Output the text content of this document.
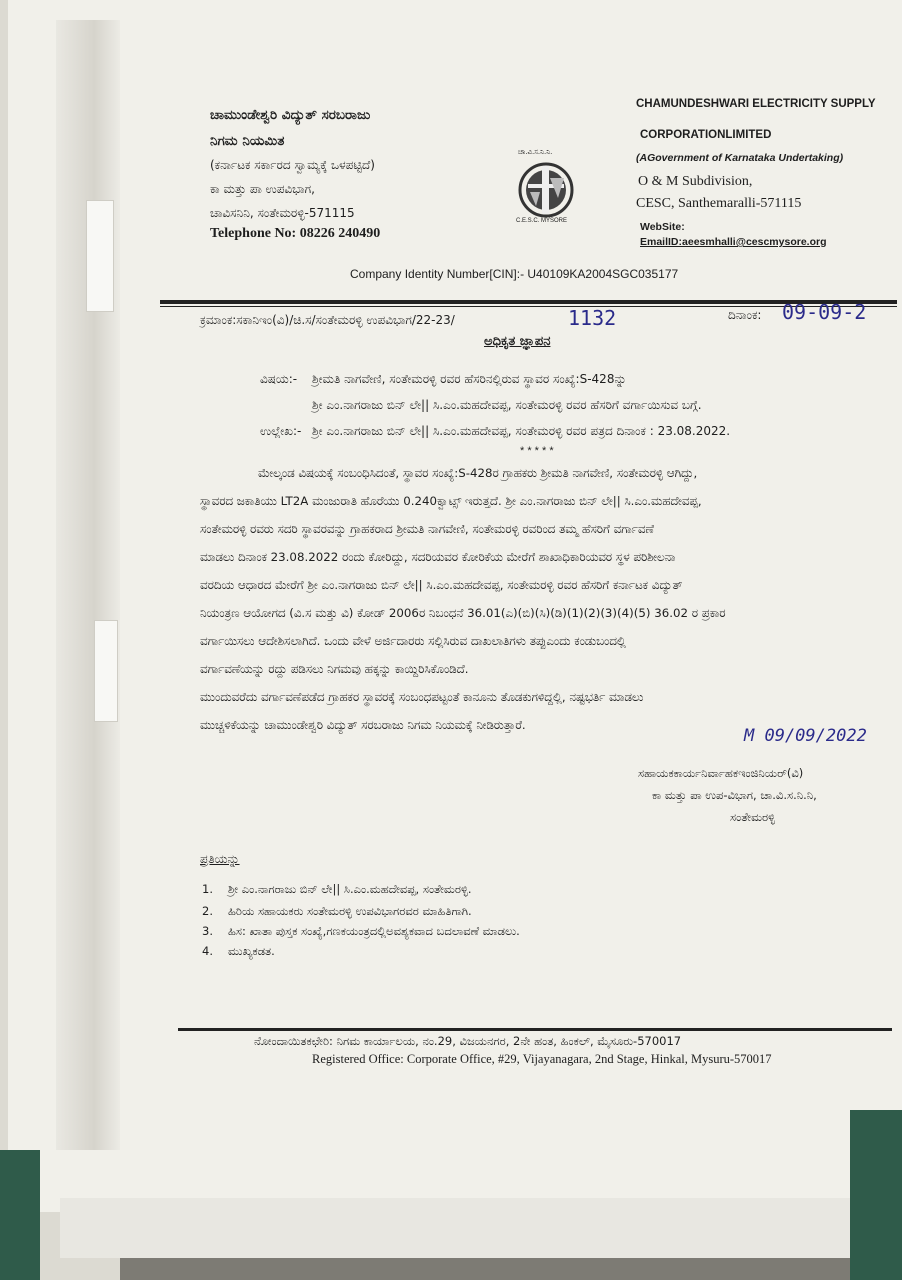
ಚಾಮುಂಡೇಶ್ವರಿ ವಿದ್ಯುತ್ ಸರಬರಾಜು
ನಿಗಮ ನಿಯಮಿತ
(ಕರ್ನಾಟಕ ಸರ್ಕಾರದ ಸ್ವಾಮ್ಯಕ್ಕೆ ಒಳಪಟ್ಟಿದೆ)
ಕಾ ಮತ್ತು ಪಾ ಉಪವಿಭಾಗ,
ಚಾವಿಸನಿನಿ, ಸಂತೇಮರಳ್ಳಿ-571115
Telephone No: 08226 240490
ಚಾ.ವಿ.ಸ.ನಿ.ನಿ.
C.E.S.C. MYSORE
CHAMUNDESHWARI ELECTRICITY SUPPLY
CORPORATIONLIMITED
(AGovernment of Karnataka Undertaking)
O & M Subdivision,
CESC, Santhemaralli-571115
WebSite:
EmailID:aeesmhalli@cescmysore.org
Company Identity Number[CIN]:- U40109KA2004SGC035177
ಕ್ರಮಾಂಕ:ಸಕಾನಿಇಂ(ವಿ)/ಚಿ.ಸ/ಸಂತೇಮರಳ್ಳಿ ಉಪವಿಭಾಗ/22-23/	1132	ದಿನಾಂಕ: 09-09-2
ಅಧಿಕೃತ ಜ್ಞಾಪನ
ವಿಷಯ:- ಶ್ರೀಮತಿ ನಾಗವೇಣಿ, ಸಂತೇಮರಳ್ಳಿ ರವರ ಹೆಸರಿನಲ್ಲಿರುವ ಸ್ಥಾವರ ಸಂಖ್ಯೆ:S-428ನ್ನು
ಶ್ರೀ ಎಂ.ನಾಗರಾಜು ಬಿನ್ ಲೇ|| ಸಿ.ಎಂ.ಮಹದೇವಪ್ಪ, ಸಂತೇಮರಳ್ಳಿ ರವರ ಹೆಸರಿಗೆ ವರ್ಗಾಯಿಸುವ ಬಗ್ಗೆ.
ಉಲ್ಲೇಖ:- ಶ್ರೀ ಎಂ.ನಾಗರಾಜು ಬಿನ್ ಲೇ|| ಸಿ.ಎಂ.ಮಹದೇವಪ್ಪ, ಸಂತೇಮರಳ್ಳಿ ರವರ ಪತ್ರದ ದಿನಾಂಕ : 23.08.2022.
* * * * *
ಮೇಲ್ಕಂಡ ವಿಷಯಕ್ಕೆ ಸಂಬಂಧಿಸಿದಂತೆ, ಸ್ಥಾವರ ಸಂಖ್ಯೆ:S-428ರ ಗ್ರಾಹಕರು ಶ್ರೀಮತಿ ನಾಗವೇಣಿ, ಸಂತೇಮರಳ್ಳಿ ಆಗಿದ್ದು,
ಸ್ಥಾವರದ ಜಕಾತಿಯು LT2A ಮಂಜುರಾತಿ ಹೊರೆಯು 0.240ಕ್ವಾಟ್ಸ್ ಇರುತ್ತದೆ. ಶ್ರೀ ಎಂ.ನಾಗರಾಜು ಬಿನ್ ಲೇ|| ಸಿ.ಎಂ.ಮಹದೇವಪ್ಪ,
ಸಂತೇಮರಳ್ಳಿ ರವರು ಸದರಿ ಸ್ಥಾವರವನ್ನು ಗ್ರಾಹಕರಾದ ಶ್ರೀಮತಿ ನಾಗವೇಣಿ, ಸಂತೇಮರಳ್ಳಿ ರವರಿಂದ ತಮ್ಮ ಹೆಸರಿಗೆ ವರ್ಗಾವಣೆ
ಮಾಡಲು ದಿನಾಂಕ 23.08.2022 ರಂದು ಕೋರಿದ್ದು, ಸದರಿಯವರ ಕೋರಿಕೆಯ ಮೇರೆಗೆ ಶಾಖಾಧಿಕಾರಿಯವರ ಸ್ಥಳ ಪರಿಶೀಲನಾ
ವರದಿಯ ಆಧಾರದ ಮೇರೆಗೆ ಶ್ರೀ ಎಂ.ನಾಗರಾಜು ಬಿನ್ ಲೇ|| ಸಿ.ಎಂ.ಮಹದೇವಪ್ಪ, ಸಂತೇಮರಳ್ಳಿ ರವರ ಹೆಸರಿಗೆ ಕರ್ನಾಟಕ ವಿದ್ಯುತ್
ನಿಯಂತ್ರಣ ಆಯೋಗದ (ವಿ.ಸ ಮತ್ತು ವಿ) ಕೋಡ್ 2006ರ ನಿಬಂಧನೆ 36.01(ಎ)(ಬಿ)(ಸಿ)(ಡಿ)(1)(2)(3)(4)(5) 36.02 ರ ಪ್ರಕಾರ
ವರ್ಗಾಯಿಸಲು ಆದೇಶಿಸಲಾಗಿದೆ. ಒಂದು ವೇಳೆ ಅರ್ಜಿದಾರರು ಸಲ್ಲಿಸಿರುವ ದಾಖಲಾತಿಗಳು ತಪ್ಪುಎಂದು ಕಂಡುಬಂದಲ್ಲಿ
ವರ್ಗಾವಣೆಯನ್ನು ರದ್ದು ಪಡಿಸಲು ನಿಗಮವು ಹಕ್ಕನ್ನು ಕಾಯ್ದಿರಿಸಿಕೊಂಡಿದೆ.
ಮುಂದುವರೆದು ವರ್ಗಾವಣೆಪಡೆದ ಗ್ರಾಹಕರ ಸ್ಥಾವರಕ್ಕೆ ಸಂಬಂಧಪಟ್ಟಂತೆ ಕಾನೂನು ತೊಡಕುಗಳಿದ್ದಲ್ಲಿ, ನಷ್ಟಭರ್ತಿ ಮಾಡಲು
ಮುಚ್ಚಳಿಕೆಯನ್ನು ಚಾಮುಂಡೇಶ್ವರಿ ವಿದ್ಯುತ್ ಸರಬರಾಜು ನಿಗಮ ನಿಯಮಕ್ಕೆ ನೀಡಿರುತ್ತಾರೆ.
M 09/09/2022
ಸಹಾಯಕಕಾರ್ಯನಿರ್ವಾಹಕಇಂಜಿನಿಯರ್(ವಿ)
ಕಾ ಮತ್ತು ಪಾ ಉಪ-ವಿಭಾಗ, ಚಾ.ವಿ.ಸ.ನಿ.ನಿ,
ಸಂತೇಮರಳ್ಳಿ
ಪ್ರತಿಯನ್ನು
1. ಶ್ರೀ ಎಂ.ನಾಗರಾಜು ಬಿನ್ ಲೇ|| ಸಿ.ಎಂ.ಮಹದೇವಪ್ಪ, ಸಂತೇಮರಳ್ಳಿ.
2. ಹಿರಿಯ ಸಹಾಯಕರು ಸಂತೇಮರಳ್ಳಿ ಉಪವಿಭಾಗರವರ ಮಾಹಿತಿಗಾಗಿ.
3. ಹಿಸ: ಖಾತಾ ಪುಸ್ತಕ ಸಂಖ್ಯೆ,ಗಣಕಯಂತ್ರದಲ್ಲಿಅವಶ್ಯಕವಾದ ಬದಲಾವಣೆ ಮಾಡಲು.
4. ಮುಖ್ಯಕಡತ.
ನೋಂದಾಯಿತಕಛೇರಿ: ನಿಗಮ ಕಾರ್ಯಾಲಯ, ನಂ.29, ವಿಜಯನಗರ, 2ನೇ ಹಂತ, ಹಿಂಕಲ್, ಮೈಸೂರು-570017
Registered Office: Corporate Office, #29, Vijayanagara, 2nd Stage, Hinkal, Mysuru-570017
